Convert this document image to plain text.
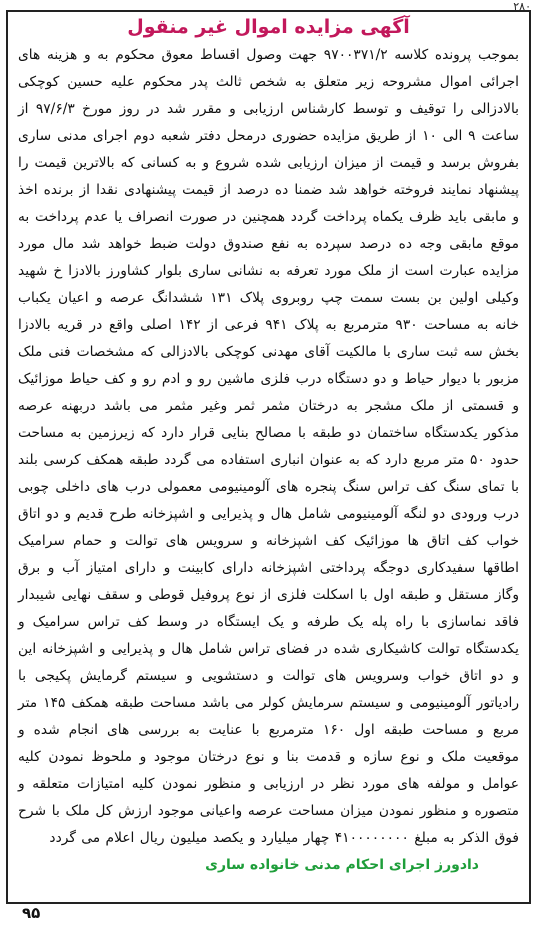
۲۸۰
آگهی مزایده اموال غیر منقول

بموجب پرونده کلاسه ۹۷۰۰۳۷۱/۲ جهت وصول اقساط معوق محکوم به و هزینه های اجرائی اموال مشروحه زیر متعلق به شخص ثالث پدر محکوم علیه حسین کوچکی بالادزالی را توقیف و توسط کارشناس ارزیابی و مقرر شد در روز مورخ ۹۷/۶/۳ از ساعت ۹ الی ۱۰ از طریق مزایده حضوری درمحل دفتر شعبه دوم اجرای مدنی ساری بفروش برسد و قیمت از میزان ارزیابی شده شروع و به کسانی که بالاترین قیمت را پیشنهاد نمایند فروخته خواهد شد ضمنا ده درصد از قیمت پیشنهادی نقدا از برنده اخذ و مابقی باید ظرف یکماه پرداخت گردد همچنین در صورت انصراف یا عدم پرداخت به موقع مابقی وجه ده درصد سپرده به نفع صندوق دولت ضبط خواهد شد مال مورد مزایده عبارت است از ملک مورد تعرفه به نشانی ساری بلوار کشاورز بالادزا خ شهید وکیلی اولین بن بست سمت چپ روبروی پلاک ۱۳۱ ششدانگ عرصه و اعیان یکباب خانه به مساحت ۹۳۰ مترمربع به پلاک ۹۴۱ فرعی از ۱۴۲ اصلی واقع در قریه بالادزا بخش سه ثبت ساری با مالکیت آقای مهدنی کوچکی بالادزالی که مشخصات فنی ملک مزبور با دیوار حیاط و دو دستگاه درب فلزی ماشین رو و ادم رو و کف حیاط موزائیک و قسمتی از ملک مشجر به درختان مثمر ثمر وغیر مثمر می باشد دربهنه عرصه مذکور یکدستگاه ساختمان دو طبقه با مصالح بنایی قرار دارد که زیرزمین به مساحت حدود ۵۰ متر مربع دارد که به عنوان انباری استفاده می گردد طبقه همکف کرسی بلند با تمای سنگ کف تراس سنگ پنجره های آلومینیومی معمولی درب های داخلی چوبی درب ورودی دو لنگه آلومینیومی شامل هال و پذیرایی و اشپزخانه طرح قدیم و دو اتاق خواب کف اتاق ها موزائیک کف اشپزخانه و سرویس های توالت و حمام سرامیک اطاقها سفیدکاری دوجگه پرداختی اشپزخانه دارای کابینت و دارای امتیاز آب و برق وگاز مستقل و طبقه اول با اسکلت فلزی از نوع پروفیل قوطی و سقف نهایی شیبدار فاقد نماسازی با راه پله یک طرفه و یک ایستگاه در وسط کف تراس سرامیک و یکدستگاه توالت کاشیکاری شده در فضای تراس شامل هال و پذیرایی و اشپزخانه این و دو اتاق خواب وسرویس های توالت و دستشویی و سیستم گرمایش پکیجی با رادیاتور آلومینیومی و سیستم سرمایش کولر می باشد مساحت طبقه همکف ۱۴۵ متر مربع و مساحت طبقه اول ۱۶۰ مترمربع با عنایت به بررسی های انجام شده و موقعیت ملک و نوع سازه و قدمت بنا و نوع درختان موجود و ملحوظ نمودن کلیه عوامل و مولفه های مورد نظر در ارزیابی و منظور نمودن کلیه امتیازات متعلقه و متصوره و منظور نمودن میزان مساحت عرصه واعیانی موجود ارزش کل ملک با شرح فوق الذکر به مبلغ ۴۱۰۰۰۰۰۰۰۰ چهار میلیارد و یکصد میلیون ریال اعلام می گردد

دادورز اجرای احکام مدنی خانواده ساری
۹۵
